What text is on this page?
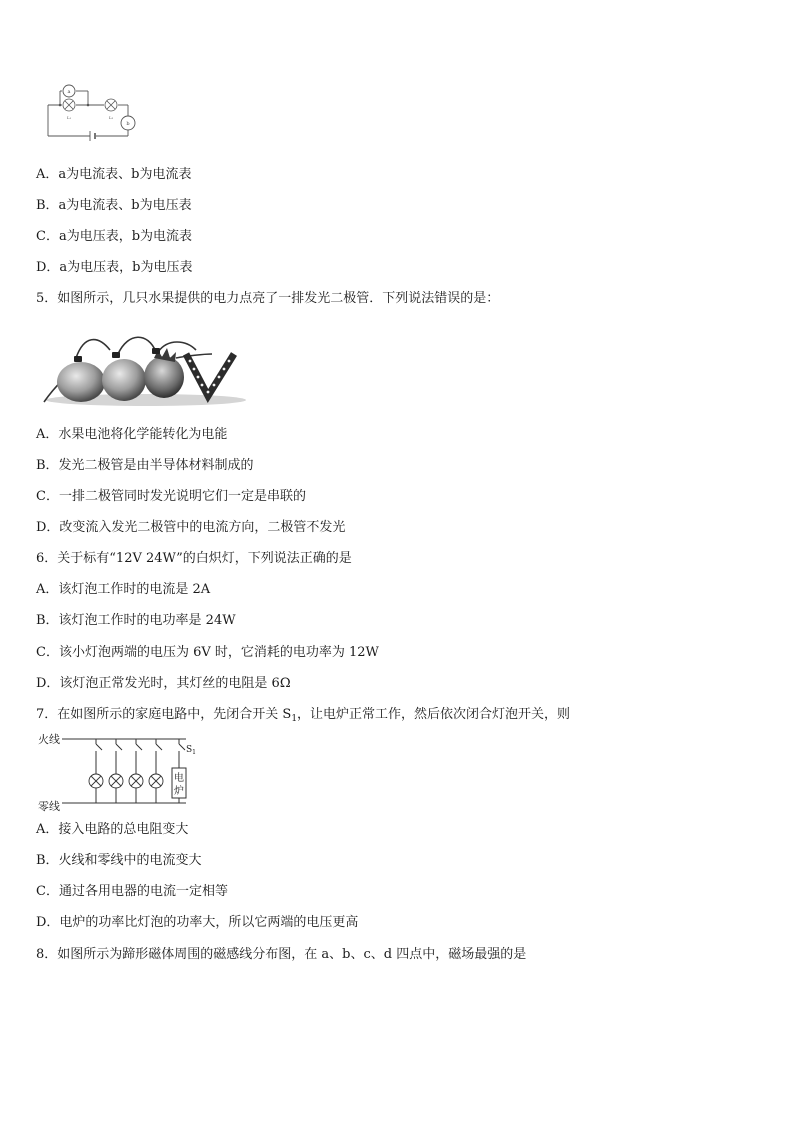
a
b
L₁	L₂
A．a为电流表、b为电流表
B．a为电流表、b为电压表
C．a为电压表，b为电流表
D．a为电压表，b为电压表
5．如图所示，几只水果提供的电力点亮了一排发光二极管．下列说法错误的是：
A．水果电池将化学能转化为电能
B．发光二极管是由半导体材料制成的
C．一排二极管同时发光说明它们一定是串联的
D．改变流入发光二极管中的电流方向，二极管不发光
6．关于标有“12V 24W”的白炽灯，下列说法正确的是
A．该灯泡工作时的电流是 2A
B．该灯泡工作时的电功率是 24W
C．该小灯泡两端的电压为 6V 时，它消耗的电功率为 12W
D．该灯泡正常发光时，其灯丝的电阻是 6Ω
7．在如图所示的家庭电路中，先闭合开关 $S_1$，让电炉正常工作，然后依次闭合灯泡开关，则
火线
零线
电
炉
$S_1$
A．接入电路的总电阻变大
B．火线和零线中的电流变大
C．通过各用电器的电流一定相等
D．电炉的功率比灯泡的功率大，所以它两端的电压更高
8．如图所示为蹄形磁体周围的磁感线分布图，在 a、b、c、d 四点中，磁场最强的是
